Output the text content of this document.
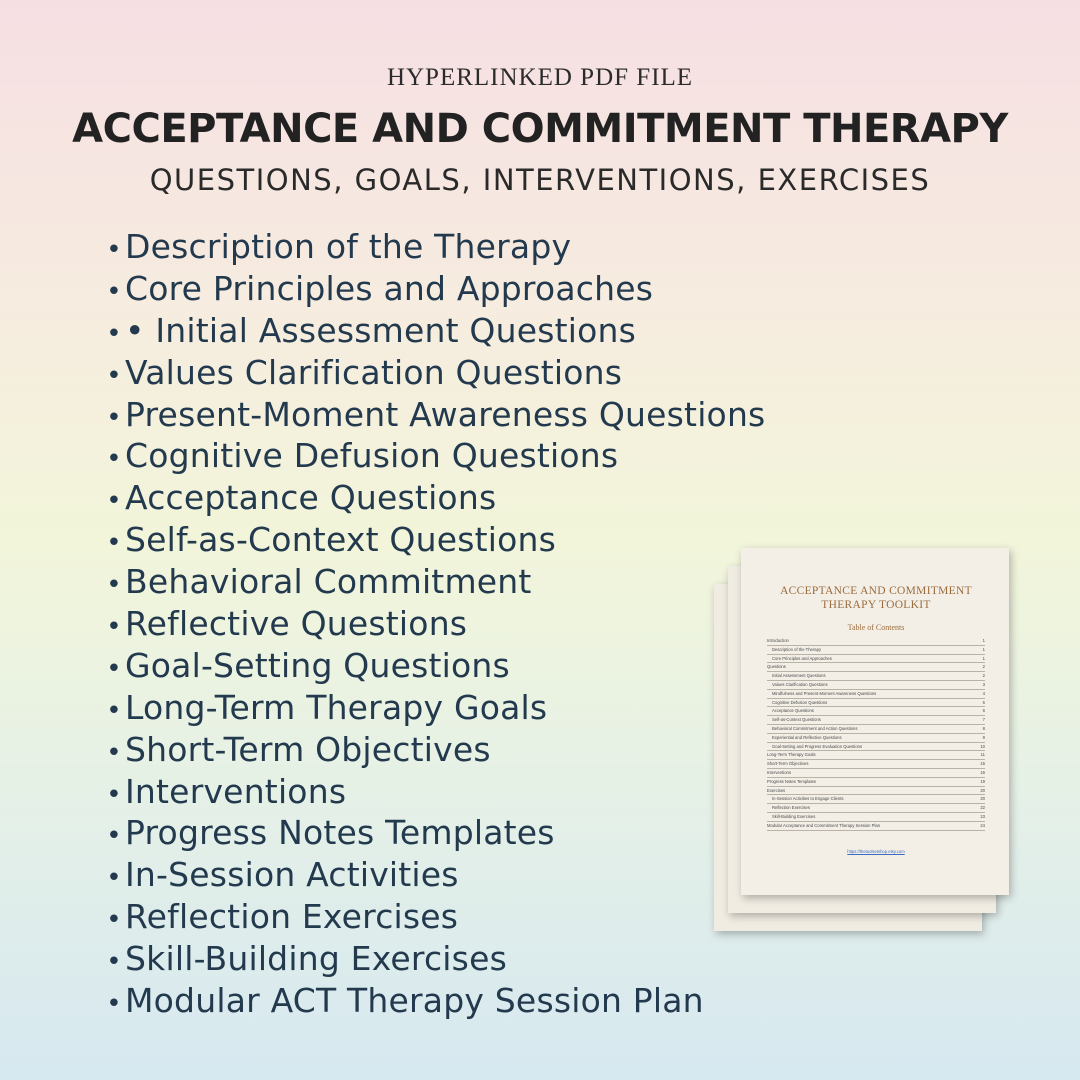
HYPERLINKED PDF FILE
ACCEPTANCE AND COMMITMENT THERAPY
QUESTIONS, GOALS, INTERVENTIONS, EXERCISES
•Description of the Therapy
•Core Principles and Approaches
•• Initial Assessment Questions
•Values Clarification Questions
•Present-Moment Awareness Questions
•Cognitive Defusion Questions
•Acceptance Questions
•Self-as-Context Questions
•Behavioral Commitment
•Reflective Questions
•Goal-Setting Questions
•Long-Term Therapy Goals
•Short-Term Objectives
•Interventions
•Progress Notes Templates
•In-Session Activities
•Reflection Exercises
•Skill-Building Exercises
•Modular ACT Therapy Session Plan
ACCEPTANCE AND COMMITMENT
THERAPY TOOLKIT
Table of Contents
Introduction	1
Description of the Therapy	1
Core Principles and Approaches	1
Questions	2
Initial Assessment Questions	2
Values Clarification Questions	3
Mindfulness and Present-Moment Awareness Questions	4
Cognitive Defusion Questions	5
Acceptance Questions	6
Self-as-Context Questions	7
Behavioral Commitment and Action Questions	8
Experiential and Reflective Questions	9
Goal-Setting and Progress Evaluation Questions	10
Long-Term Therapy Goals	11
Short-Term Objectives	15
Interventions	16
Progress Notes Templates	19
Exercises	20
In-Session Activities to Engage Clients	20
Reflection Exercises	22
Skill-Building Exercises	23
Modular Acceptance and Commitment Therapy Session Plan	24
https://thetoolsetshop.etsy.com
